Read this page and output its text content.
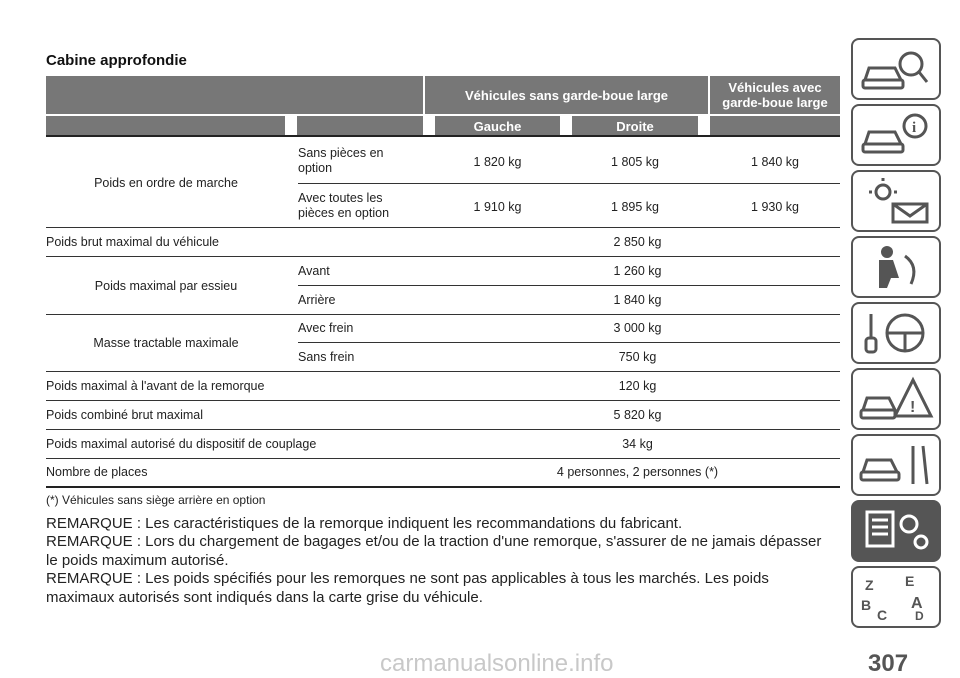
Cabine approfondie
Véhicules sans garde-boue large
Véhicules avec garde-boue large
Gauche	Droite
Poids en ordre de marche
Sans pièces en option	1 820 kg	1 805 kg	1 840 kg
Avec toutes les pièces en option	1 910 kg	1 895 kg	1 930 kg
Poids brut maximal du véhicule	2 850 kg
Poids maximal par essieu
Avant	1 260 kg
Arrière	1 840 kg
Masse tractable maximale
Avec frein	3 000 kg
Sans frein	750 kg
Poids maximal à l'avant de la remorque	120 kg
Poids combiné brut maximal	5 820 kg
Poids maximal autorisé du dispositif de couplage	34 kg
Nombre de places	4 personnes, 2 personnes (*)
(*) Véhicules sans siège arrière en option
REMARQUE : Les caractéristiques de la remorque indiquent les recommandations du fabricant.
REMARQUE : Lors du chargement de bagages et/ou de la traction d'une remorque, s'assurer de ne jamais dépasser le poids maximum autorisé.
REMARQUE : Les poids spécifiés pour les remorques ne sont pas applicables à tous les marchés. Les poids maximaux autorisés sont indiqués dans la carte grise du véhicule.
i
!
Z E
B A
C D
307
carmanualsonline.info
